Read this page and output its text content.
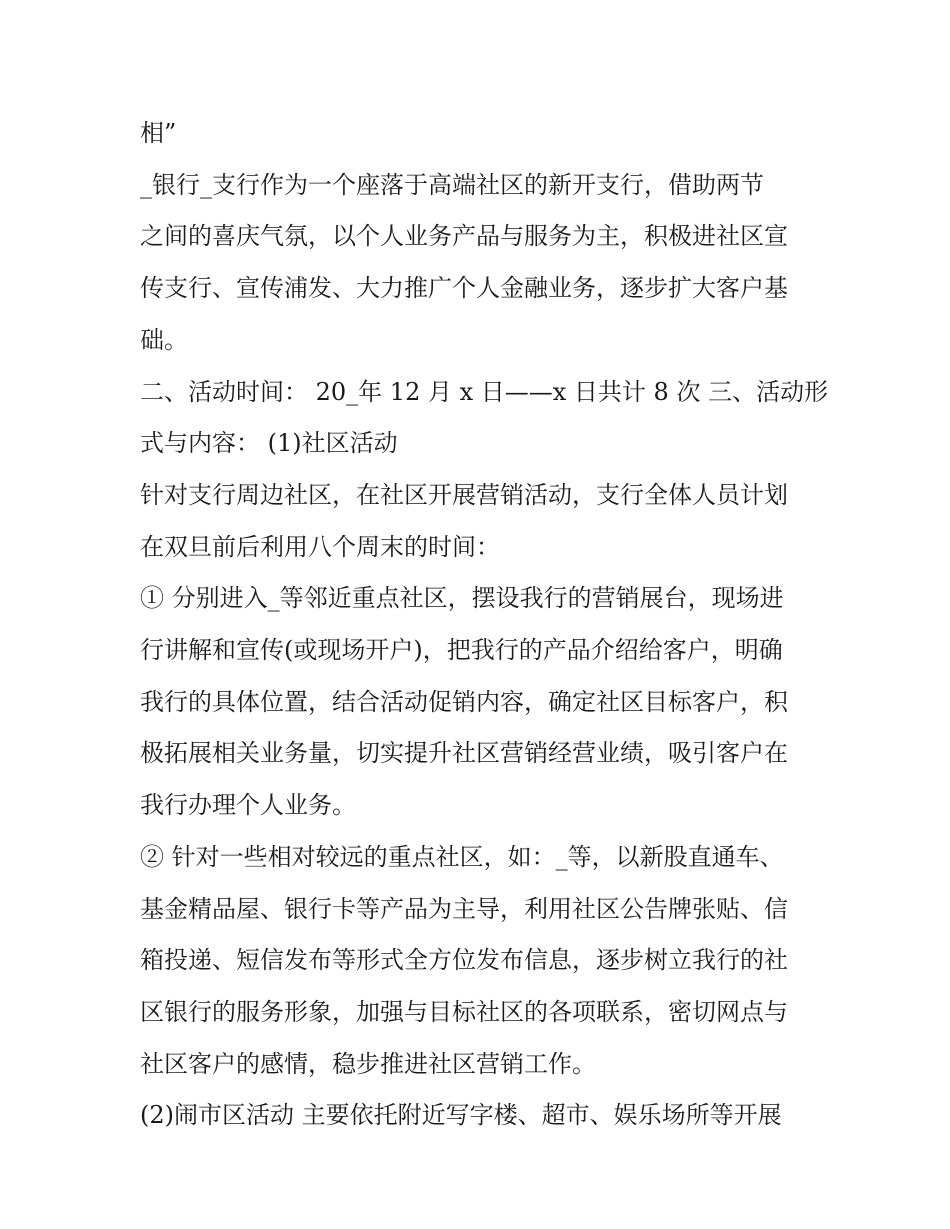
相”
_银行_支行作为一个座落于高端社区的新开支行，借助两节
之间的喜庆气氛，以个人业务产品与服务为主，积极进社区宣
传支行、宣传浦发、大力推广个人金融业务，逐步扩大客户基
础。
二、活动时间： 20_年 12 月 x 日——x 日共计 8 次 三、活动形
式与内容： (1)社区活动
针对支行周边社区，在社区开展营销活动，支行全体人员计划
在双旦前后利用八个周末的时间：
① 分别进入_等邻近重点社区，摆设我行的营销展台，现场进
行讲解和宣传(或现场开户)，把我行的产品介绍给客户，明确
我行的具体位置，结合活动促销内容，确定社区目标客户，积
极拓展相关业务量，切实提升社区营销经营业绩，吸引客户在
我行办理个人业务。
② 针对一些相对较远的重点社区，如：_等，以新股直通车、
基金精品屋、银行卡等产品为主导，利用社区公告牌张贴、信
箱投递、短信发布等形式全方位发布信息，逐步树立我行的社
区银行的服务形象，加强与目标社区的各项联系，密切网点与
社区客户的感情，稳步推进社区营销工作。
(2)闹市区活动 主要依托附近写字楼、超市、娱乐场所等开展
